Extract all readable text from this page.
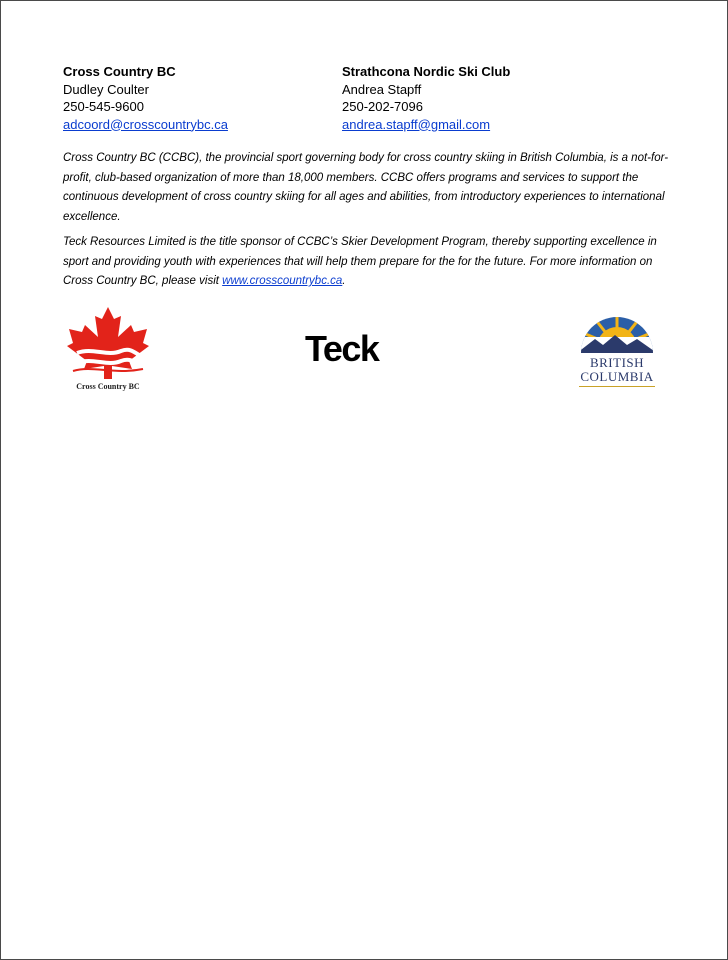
Cross Country BC
Dudley Coulter
250-545-9600
adcoord@crosscountrybc.ca
Strathcona Nordic Ski Club
Andrea Stapff
250-202-7096
andrea.stapff@gmail.com

Cross Country BC (CCBC), the provincial sport governing body for cross country skiing in British Columbia, is a not-for-profit, club-based organization of more than 18,000 members. CCBC offers programs and services to support the continuous development of cross country skiing for all ages and abilities, from introductory experiences to international excellence.

Teck Resources Limited is the title sponsor of CCBC’s Skier Development Program, thereby supporting excellence in sport and providing youth with experiences that will help them prepare for the for the future. For more information on Cross Country BC, please visit www.crosscountrybc.ca.

Cross Country BC
Teck	BRITISH
COLUMBIA
